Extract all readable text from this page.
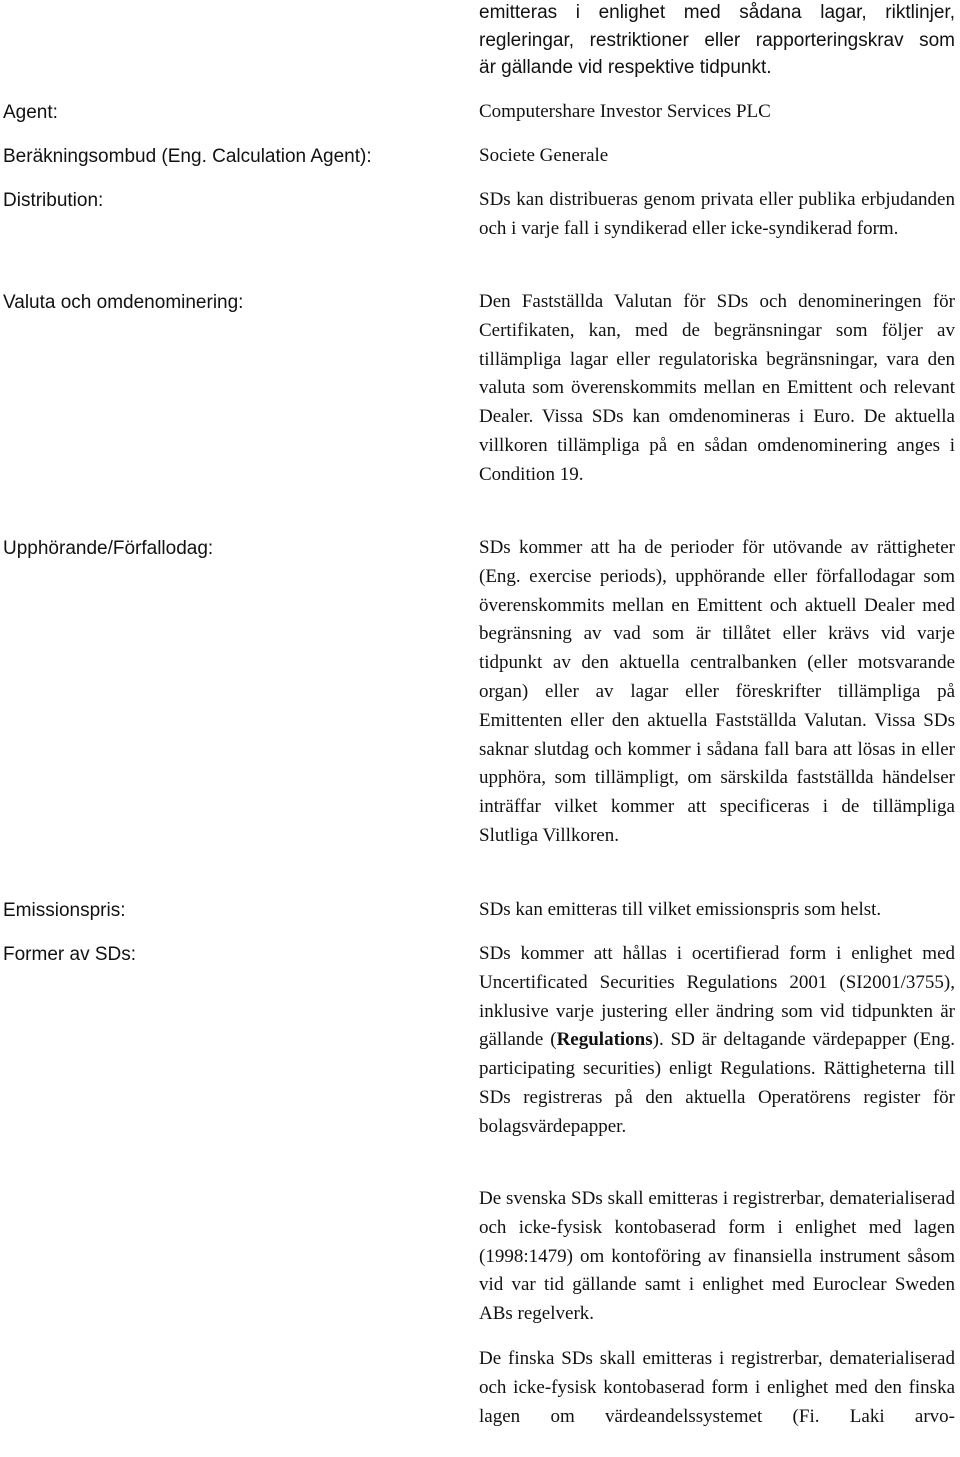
emitteras i enlighet med sådana lagar, riktlinjer,
regleringar, restriktioner eller rapporteringskrav som
är gällande vid respektive tidpunkt.
Agent:	Computershare Investor Services PLC
Beräkningsombud (Eng. Calculation Agent):	Societe Generale
Distribution:	SDs kan distribueras genom privata eller publika erbjudanden och i varje fall i syndikerad eller icke-syndikerad form.
Valuta och omdenominering:	Den Fastställda Valutan för SDs och denomineringen för Certifikaten, kan, med de begränsningar som följer av tillämpliga lagar eller regulatoriska begränsningar, vara den valuta som överenskommits mellan en Emittent och relevant Dealer. Vissa SDs kan omdenomineras i Euro. De aktuella villkoren tillämpliga på en sådan omdenominering anges i Condition 19.
Upphörande/Förfallodag:	SDs kommer att ha de perioder för utövande av rättigheter (Eng. exercise periods), upphörande eller förfallodagar som överenskommits mellan en Emittent och aktuell Dealer med begränsning av vad som är tillåtet eller krävs vid varje tidpunkt av den aktuella centralbanken (eller motsvarande organ) eller av lagar eller föreskrifter tillämpliga på Emittenten eller den aktuella Fastställda Valutan. Vissa SDs saknar slutdag och kommer i sådana fall bara att lösas in eller upphöra, som tillämpligt, om särskilda fastställda händelser inträffar vilket kommer att specificeras i de tillämpliga Slutliga Villkoren.
Emissionspris:	SDs kan emitteras till vilket emissionspris som helst.
Former av SDs:	SDs kommer att hållas i ocertifierad form i enlighet med Uncertificated Securities Regulations 2001 (SI2001/3755), inklusive varje justering eller ändring som vid tidpunkten är gällande (Regulations). SD är deltagande värdepapper (Eng. participating securities) enligt Regulations. Rättigheterna till SDs registreras på den aktuella Operatörens register för bolagsvärdepapper.
De svenska SDs skall emitteras i registrerbar, dematerialiserad och icke-fysisk kontobaserad form i enlighet med lagen (1998:1479) om kontoföring av finansiella instrument såsom vid var tid gällande samt i enlighet med Euroclear Sweden ABs regelverk.
De finska SDs skall emitteras i registrerbar, dematerialiserad och icke-fysisk kontobaserad form i enlighet med den finska lagen om värdeandelssystemet (Fi. Laki arvo-
